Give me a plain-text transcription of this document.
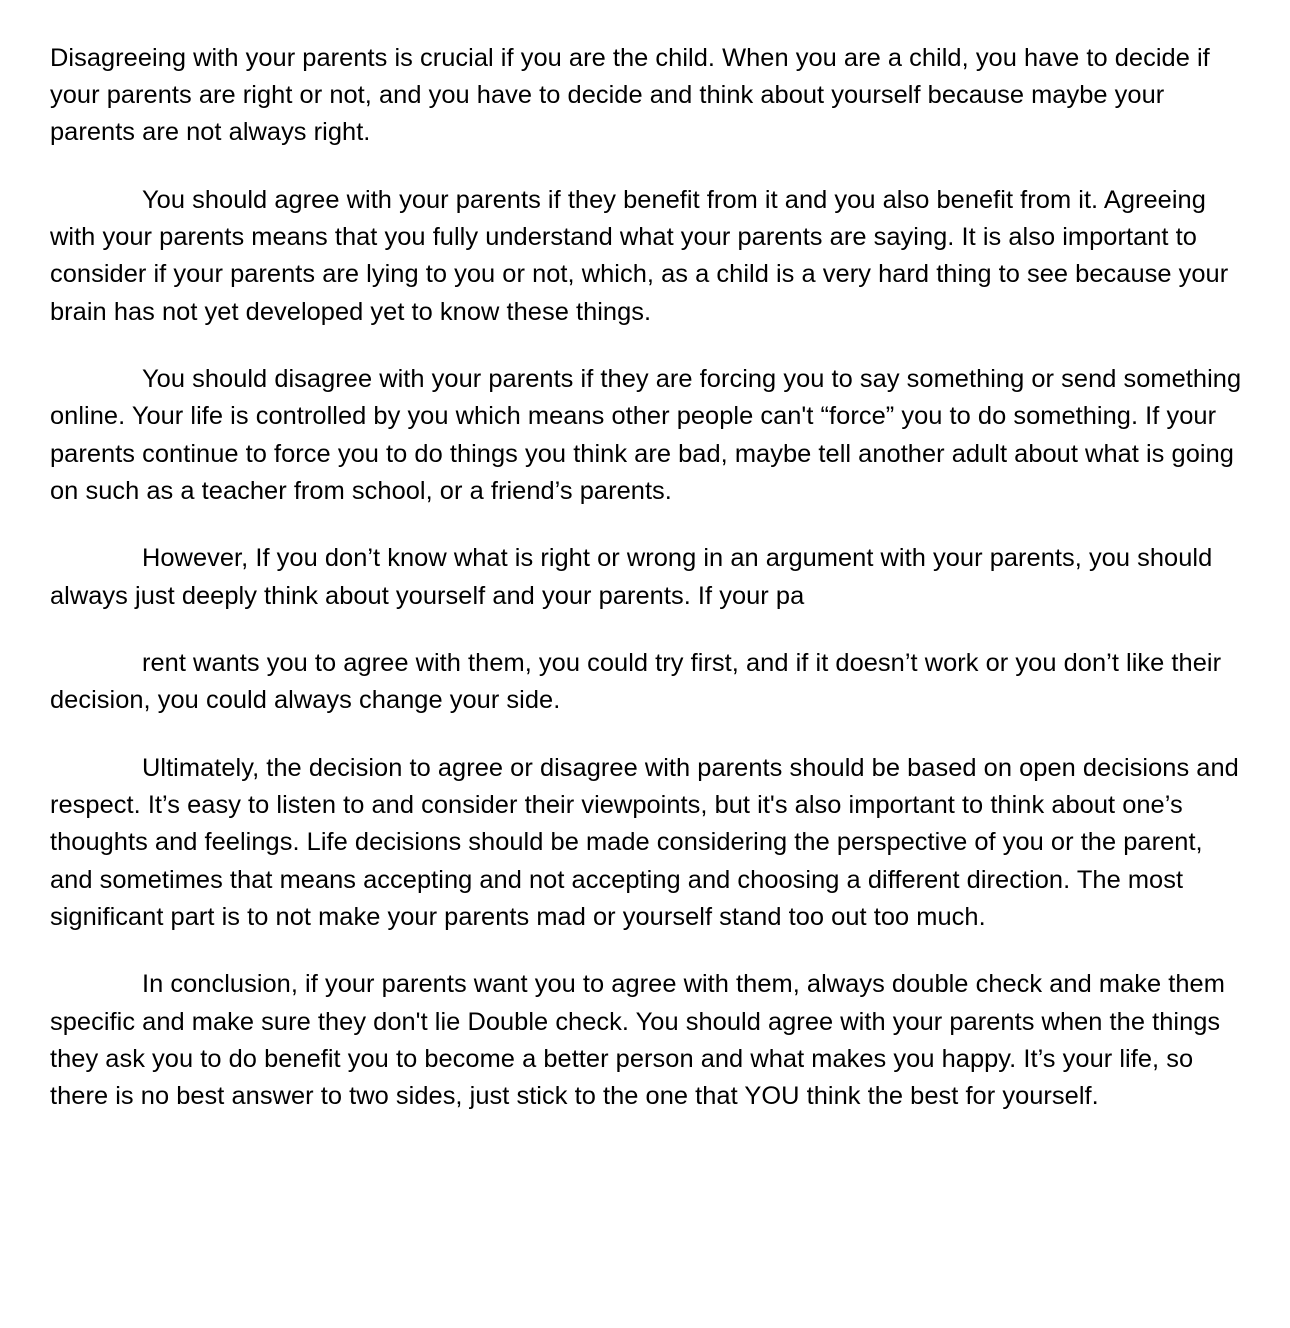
Disagreeing with your parents is crucial if you are the child. When you are a child, you have to decide if your parents are right or not, and you have to decide and think about yourself because maybe your parents are not always right.

You should agree with your parents if they benefit from it and you also benefit from it. Agreeing with your parents means that you fully understand what your parents are saying. It is also important to consider if your parents are lying to you or not, which, as a child is a very hard thing to see because your brain has not yet developed yet to know these things.

You should disagree with your parents if they are forcing you to say something or send something online. Your life is controlled by you which means other people can't “force” you to do something. If your parents continue to force you to do things you think are bad, maybe tell another adult about what is going on such as a teacher from school, or a friend’s parents.

However, If you don’t know what is right or wrong in an argument with your parents, you should always just deeply think about yourself and your parents. If your pa

rent wants you to agree with them, you could try first, and if it doesn’t work or you don’t like their decision, you could always change your side.

Ultimately, the decision to agree or disagree with parents should be based on open decisions and respect. It’s easy to listen to and consider their viewpoints, but it's also important to think about one’s thoughts and feelings. Life decisions should be made considering the perspective of you or the parent, and sometimes that means accepting and not accepting and choosing a different direction. The most significant part is to not make your parents mad or yourself stand too out too much.

In conclusion, if your parents want you to agree with them, always double check and make them specific and make sure they don't lie Double check. You should agree with your parents when the things they ask you to do benefit you to become a better person and what makes you happy. It’s your life, so there is no best answer to two sides, just stick to the one that YOU think the best for yourself.
